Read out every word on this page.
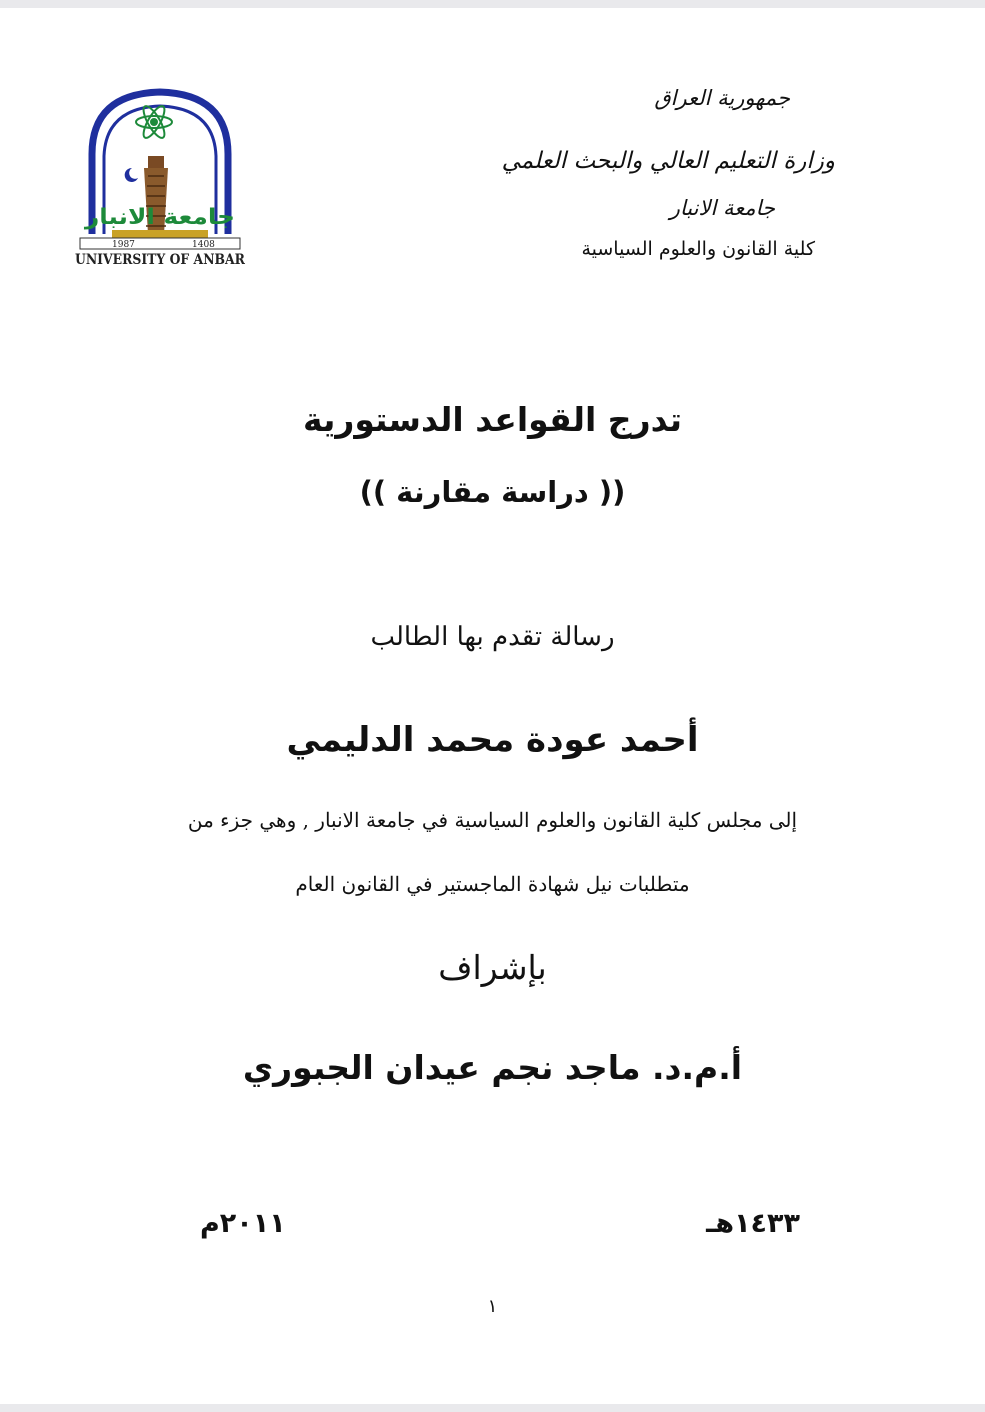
1987	1408
UNIVERSITY OF ANBAR
جامعة الانبار
جمهورية العراق
وزارة التعليم العالي والبحث العلمي
جامعة الانبار
كلية القانون والعلوم السياسية
تدرج القواعد الدستورية
(( دراسة مقارنة ))
رسالة تقدم بها الطالب
أحمد عودة محمد الدليمي
إلى مجلس كلية القانون والعلوم السياسية في جامعة الانبار , وهي جزء من
متطلبات نيل شهادة الماجستير في القانون العام
بإشراف
أ.م.د. ماجد نجم عيدان الجبوري
١٤٣٣هـ
٢٠١١م
١
